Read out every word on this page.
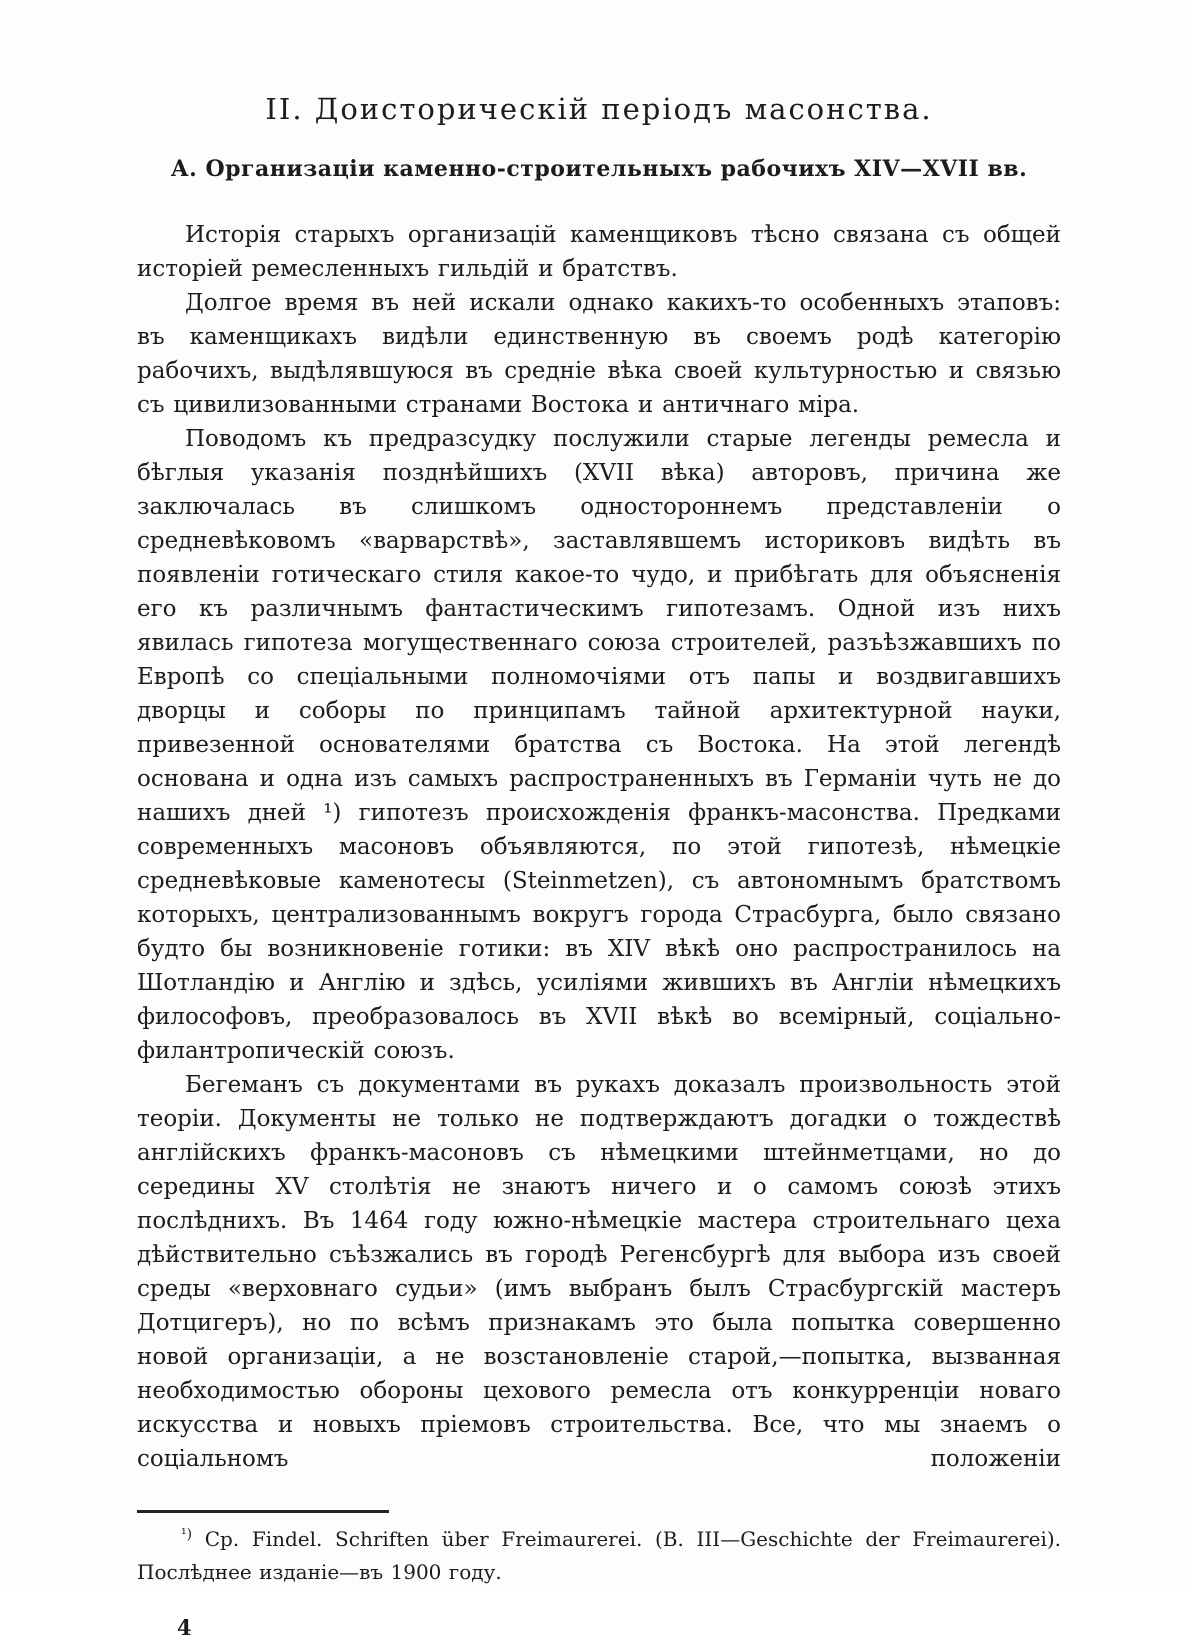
II. Доисторическій періодъ масонства.
А. Организаціи каменно-строительныхъ рабочихъ XIV—XVII вв.

Исторія старыхъ организацій каменщиковъ тѣсно связана съ общей исторіей ремесленныхъ гильдій и братствъ.

Долгое время въ ней искали однако какихъ-то особенныхъ этаповъ: въ каменщикахъ видѣли единственную въ своемъ родѣ категорію рабочихъ, выдѣлявшуюся въ средніе вѣка своей культурностью и связью съ цивилизованными странами Востока и античнаго міра.

Поводомъ къ предразсудку послужили старые легенды ремесла и бѣглыя указанія позднѣйшихъ (XVII вѣка) авторовъ, причина же заключалась въ слишкомъ одностороннемъ представленіи о средневѣковомъ «варварствѣ», заставлявшемъ историковъ видѣть въ появленіи готическаго стиля какое-то чудо, и прибѣгать для объясненія его къ различнымъ фантастическимъ гипотезамъ. Одной изъ нихъ явилась гипотеза могущественнаго союза строителей, разъѣзжавшихъ по Европѣ со спеціальными полномочіями отъ папы и воздвигавшихъ дворцы и соборы по принципамъ тайной архитектурной науки, привезенной основателями братства съ Востока. На этой легендѣ основана и одна изъ самыхъ распространенныхъ въ Германіи чуть не до нашихъ дней ¹) гипотезъ происхожденія франкъ-масонства. Предками современныхъ масоновъ объявляются, по этой гипотезѣ, нѣмецкіе средневѣковые каменотесы (Steinmetzen), съ автономнымъ братствомъ которыхъ, централизованнымъ вокругъ города Страсбурга, было связано будто бы возникновеніе готики: въ XIV вѣкѣ оно распространилось на Шотландію и Англію и здѣсь, усиліями жившихъ въ Англіи нѣмецкихъ философовъ, преобразовалось въ XVII вѣкѣ во всемірный, соціально-филантропическій союзъ.

Бегеманъ съ документами въ рукахъ доказалъ произвольность этой теоріи. Документы не только не подтверждаютъ догадки о тождествѣ англійскихъ франкъ-масоновъ съ нѣмецкими штейнметцами, но до середины XV столѣтія не знаютъ ничего и о самомъ союзѣ этихъ послѣднихъ. Въ 1464 году южно-нѣмецкіе мастера строительнаго цеха дѣйствительно съѣзжались въ городѣ Регенсбургѣ для выбора изъ своей среды «верховнаго судьи» (имъ выбранъ былъ Страсбургскій мастеръ Дотцигеръ), но по всѣмъ признакамъ это была попытка совершенно новой организаціи, а не возстановленіе старой,—попытка, вызванная необходимостью обороны цехового ремесла отъ конкурренціи новаго искусства и новыхъ пріемовъ строительства. Все, что мы знаемъ о соціальномъ положеніи

$^{^1)}$ Ср. Findel. Schriften über Freimaurerei. (B. III—Geschichte der Freimaurerei). Послѣднее изданіе—въ 1900 году.

4
